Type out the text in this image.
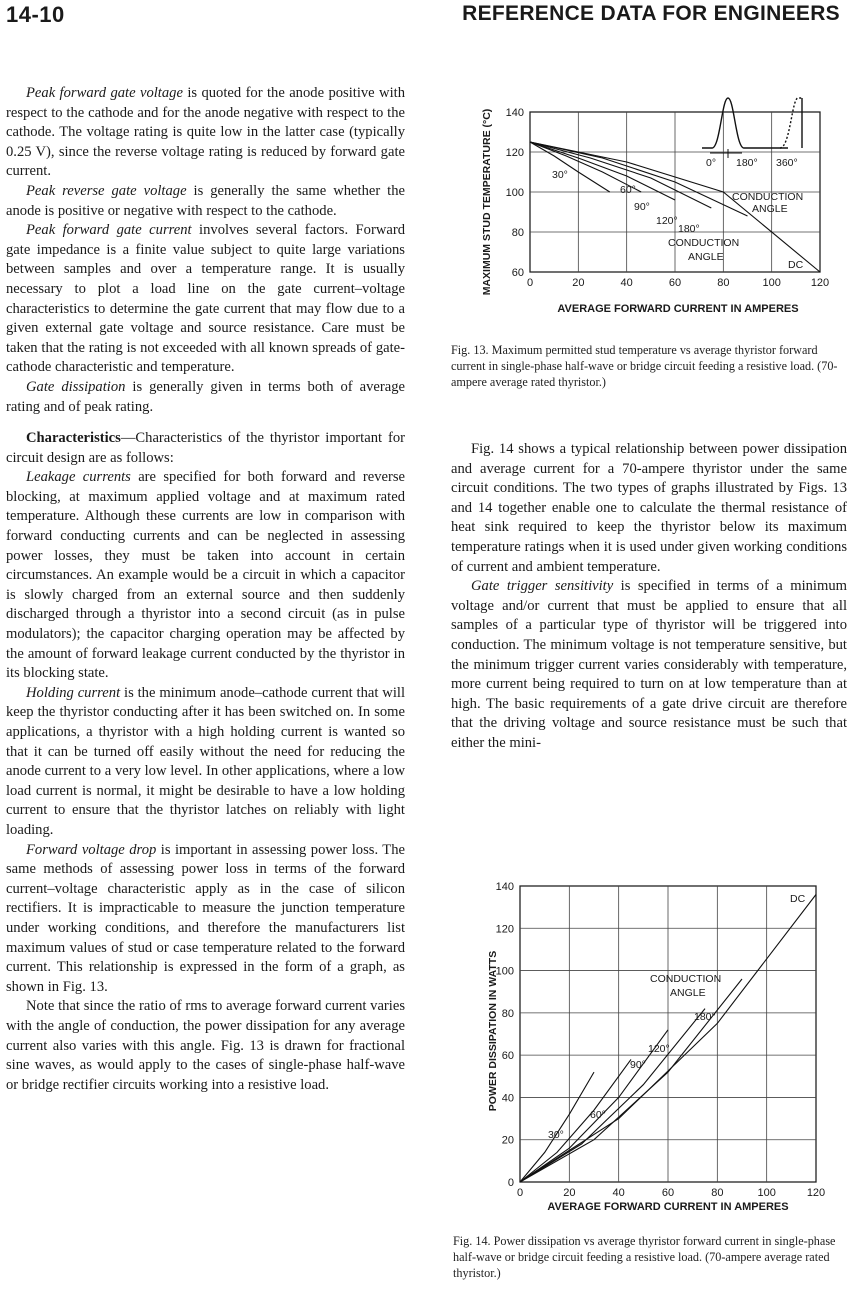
14-10	REFERENCE DATA FOR ENGINEERS

Peak forward gate voltage is quoted for the anode positive with respect to the cathode and for the anode negative with respect to the cathode. The voltage rating is quite low in the latter case (typically 0.25 V), since the reverse voltage rating is reduced by forward gate current.

Peak reverse gate voltage is generally the same whether the anode is positive or negative with respect to the cathode.

Peak forward gate current involves several factors. Forward gate impedance is a finite value subject to quite large variations between samples and over a temperature range. It is usually necessary to plot a load line on the gate current–voltage characteristics to determine the gate current that may flow due to a given external gate voltage and source resistance. Care must be taken that the rating is not exceeded with all known spreads of gate-cathode characteristic and temperature.

Gate dissipation is generally given in terms both of average rating and of peak rating.

Characteristics—Characteristics of the thyristor important for circuit design are as follows:

Leakage currents are specified for both forward and reverse blocking, at maximum applied voltage and at maximum rated temperature. Although these currents are low in comparison with forward conducting currents and can be neglected in assessing power losses, they must be taken into account in certain circumstances. An example would be a circuit in which a capacitor is slowly charged from an external source and then suddenly discharged through a thyristor into a second circuit (as in pulse modulators); the capacitor charging operation may be affected by the amount of forward leakage current conducted by the thyristor in its blocking state.

Holding current is the minimum anode–cathode current that will keep the thyristor conducting after it has been switched on. In some applications, a thyristor with a high holding current is wanted so that it can be turned off easily without the need for reducing the anode current to a very low level. In other applications, where a low load current is normal, it might be desirable to have a low holding current to ensure that the thyristor latches on reliably with light loading.

Forward voltage drop is important in assessing power loss. The same methods of assessing power loss in terms of the forward current–voltage characteristic apply as in the case of silicon rectifiers. It is impracticable to measure the junction temperature under working conditions, and therefore the manufacturers list maximum values of stud or case temperature related to the forward current. This relationship is expressed in the form of a graph, as shown in Fig. 13.

Note that since the ratio of rms to average forward current varies with the angle of conduction, the power dissipation for any average current also varies with this angle. Fig. 13 is drawn for fractional sine waves, as would apply to the cases of single-phase half-wave or bridge rectifier circuits working into a resistive load.

MAXIMUM STUD TEMPERATURE (°C) 60
80
100
120
140
0	20	40	60	80	100	120
0° 180° 360°
30°
60°
90°
120°
180°
CONDUCTION
ANGLE
CONDUCTION
ANGLE
DC
AVERAGE FORWARD CURRENT IN AMPERES
Fig. 13. Maximum permitted stud temperature vs average thyristor forward current in single-phase half-wave or bridge circuit feeding a resistive load. (70-ampere average rated thyristor.)

Fig. 14 shows a typical relationship between power dissipation and average current for a 70-ampere thyristor under the same circuit conditions. The two types of graphs illustrated by Figs. 13 and 14 together enable one to calculate the thermal resistance of heat sink required to keep the thyristor below its maximum temperature ratings when it is used under given working conditions of current and ambient temperature.

Gate trigger sensitivity is specified in terms of a minimum voltage and/or current that must be applied to ensure that all samples of a particular type of thyristor will be triggered into conduction. The minimum voltage is not temperature sensitive, but the minimum trigger current varies considerably with temperature, more current being required to turn on at low temperature than at high. The basic requirements of a gate drive circuit are therefore that the driving voltage and source resistance must be such that either the mini-

POWER DISSIPATION IN WATTS
0
20
40
60
80
100
120
140
0	20	40	60	80	100	120
DC
CONDUCTION
ANGLE
180°
120°
90°
60°
30°
AVERAGE FORWARD CURRENT IN AMPERES
Fig. 14. Power dissipation vs average thyristor forward current in single-phase half-wave or bridge circuit feeding a resistive load. (70-ampere average rated thyristor.)
